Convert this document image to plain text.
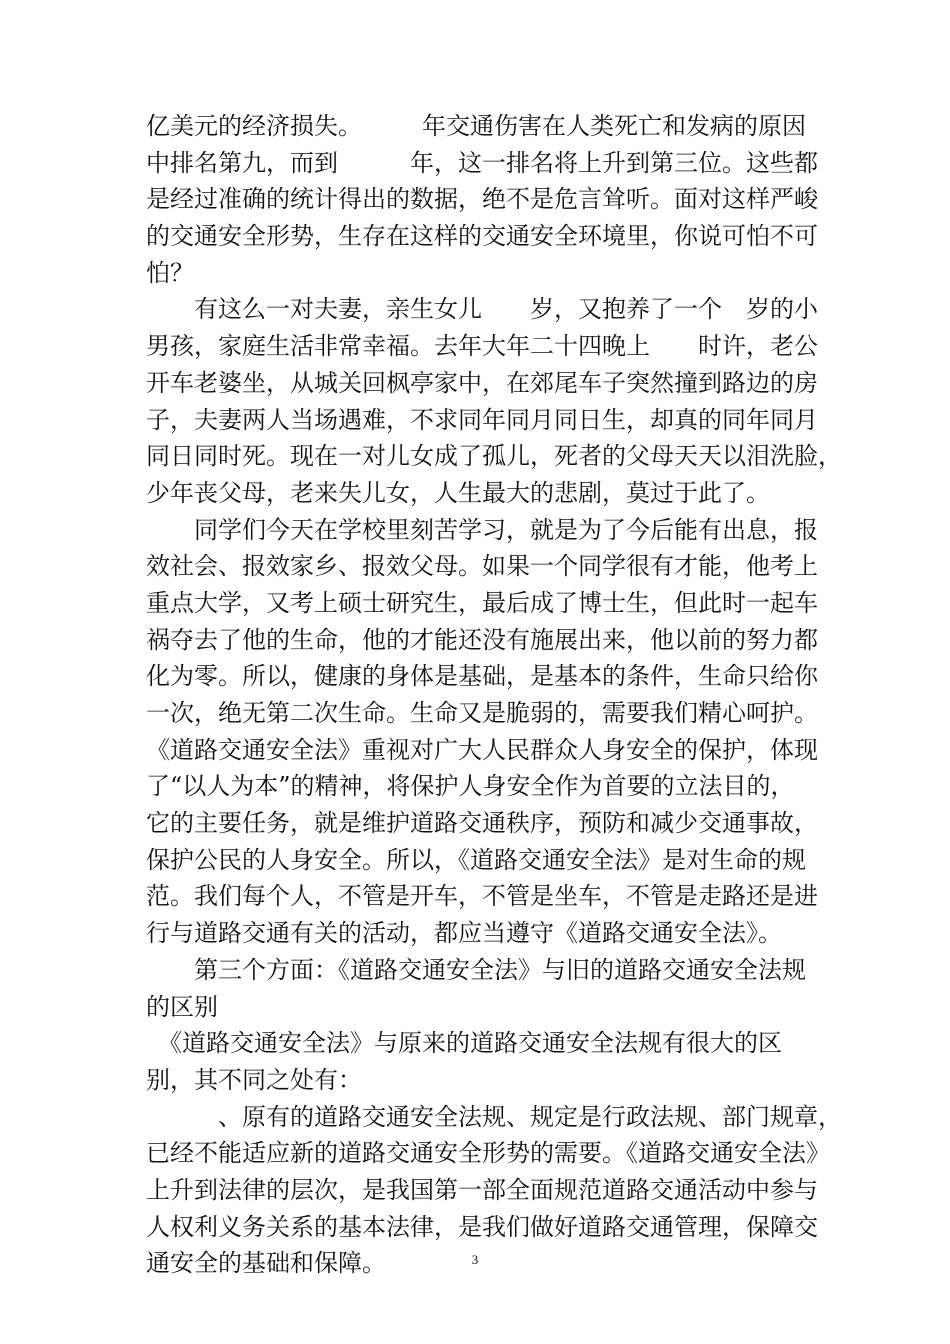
亿美元的经济损失。　　　年交通伤害在人类死亡和发病的原因
中排名第九，而到　　　年，这一排名将上升到第三位。这些都
是经过准确的统计得出的数据，绝不是危言耸听。面对这样严峻
的交通安全形势，生存在这样的交通安全环境里，你说可怕不可
怕？
　　有这么一对夫妻，亲生女儿　　岁，又抱养了一个　岁的小
男孩，家庭生活非常幸福。去年大年二十四晚上　　时许，老公
开车老婆坐，从城关回枫亭家中，在郊尾车子突然撞到路边的房
子，夫妻两人当场遇难，不求同年同月同日生，却真的同年同月
同日同时死。现在一对儿女成了孤儿，死者的父母天天以泪洗脸，
少年丧父母，老来失儿女，人生最大的悲剧，莫过于此了。
　　同学们今天在学校里刻苦学习，就是为了今后能有出息，报
效社会、报效家乡、报效父母。如果一个同学很有才能，他考上
重点大学，又考上硕士研究生，最后成了博士生，但此时一起车
祸夺去了他的生命，他的才能还没有施展出来，他以前的努力都
化为零。所以，健康的身体是基础，是基本的条件，生命只给你
一次，绝无第二次生命。生命又是脆弱的，需要我们精心呵护。
《道路交通安全法》重视对广大人民群众人身安全的保护，体现
了“以人为本”的精神，将保护人身安全作为首要的立法目的，
它的主要任务，就是维护道路交通秩序，预防和减少交通事故，
保护公民的人身安全。所以，《道路交通安全法》是对生命的规
范。我们每个人，不管是开车，不管是坐车，不管是走路还是进
行与道路交通有关的活动，都应当遵守《道路交通安全法》。
　　第三个方面：《道路交通安全法》与旧的道路交通安全法规
的区别
　《道路交通安全法》与原来的道路交通安全法规有很大的区
别，其不同之处有：
　　　、原有的道路交通安全法规、规定是行政法规、部门规章，
已经不能适应新的道路交通安全形势的需要。《道路交通安全法》
上升到法律的层次，是我国第一部全面规范道路交通活动中参与
人权利义务关系的基本法律，是我们做好道路交通管理，保障交
通安全的基础和保障。	3
